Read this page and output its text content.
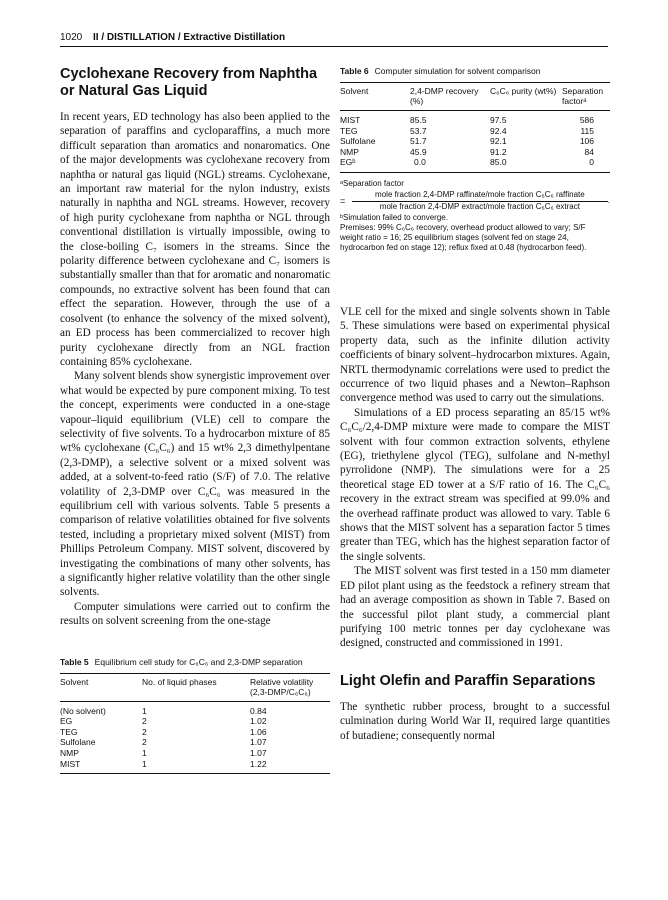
1020 II / DISTILLATION / Extractive Distillation
Cyclohexane Recovery from Naphtha or Natural Gas Liquid

In recent years, ED technology has also been applied to the separation of paraffins and cycloparaffins, a much more difficult separation than aromatics and nonaromatics. One of the major developments was cyclohexane recovery from naphtha or natural gas liquid (NGL) streams. Cyclohexane, an important raw material for the nylon industry, exists naturally in naphtha and NGL streams. However, recovery of high purity cyclohexane from naphtha or NGL through conventional distillation is virtually impossible, owing to the close-boiling C₇ isomers in the streams. Since the polarity difference between cyclohexane and C₇ isomers is substantially smaller than that for aromatic and nonaromatic compounds, no extractive solvent has been found that can effect the separation. However, through the use of a cosolvent (to enhance the solvency of the mixed solvent), an ED process has been commercialized to recover high purity cyclohexane directly from an NGL fraction containing 85% cyclohexane.

Many solvent blends show synergistic improvement over what would be expected by pure component mixing. To test the concept, experiments were conducted in a one-stage vapour–liquid equilibrium (VLE) cell to compare the selectivity of five solvents. To a hydrocarbon mixture of 85 wt% cyclohexane (C₆C₆) and 15 wt% 2,3 dimethylpentane (2,3-DMP), a selective solvent or a mixed solvent was added, at a solvent-to-feed ratio (S/F) of 7.0. The relative volatility of 2,3-DMP over C₆C₆ was measured in the equilibrium cell with various solvents. Table 5 presents a comparison of relative volatilities obtained for five solvents tested, including a proprietary mixed solvent (MIST) from Phillips Petroleum Company. MIST solvent, discovered by investigating the combinations of many other solvents, has a significantly higher relative volatility than the other single solvents.

Computer simulations were carried out to confirm the results on solvent screening from the one-stage

Table 5 Equilibrium cell study for C₆C₆ and 2,3-DMP separation
Solvent	No. of liquid phases	Relative volatility (2,3-DMP/C₆C₆)
(No solvent)	1	0.84
EG	2	1.02
TEG	2	1.06
Sulfolane	2	1.07
NMP	1	1.07
MIST	1	1.22
Table 6 Computer simulation for solvent comparison
Solvent	2,4-DMP recovery (%)	C₆C₆ purity (wt%)	Separation factorᵃ
MIST	85.5	97.5	586
TEG	53.7	92.4	115
Sulfolane	51.7	92.1	106
NMP	45.9	91.2	84
EGᵇ	0.0	85.0	0

ᵃSeparation factor

=
mole fraction 2,4-DMP raffinate/mole fraction C₆C₆ raffinate
mole fraction 2,4-DMP extract/mole fraction C₆C₆ extract
.

ᵇSimulation failed to converge.

Premises: 99% C₆C₆ recovery, overhead product allowed to vary; S/F weight ratio = 16; 25 equilibrium stages (solvent fed on stage 24, hydrocarbon fed on stage 12); reflux fixed at 0.48 (hydrocarbon feed).

VLE cell for the mixed and single solvents shown in Table 5. These simulations were based on experimental physical property data, such as the infinite dilution activity coefficients of binary solvent–hydrocarbon mixtures. Again, NRTL thermodynamic correlations were used to predict the occurrence of two liquid phases and a Newton–Raphson convergence method was used to carry out the simulations.

Simulations of a ED process separating an 85/15 wt% C₆C₆/2,4-DMP mixture were made to compare the MIST solvent with four common extraction solvents, ethylene (EG), triethylene glycol (TEG), sulfolane and N-methyl pyrrolidone (NMP). The simulations were for a 25 theoretical stage ED tower at a S/F ratio of 16. The C₆C₆ recovery in the extract stream was specified at 99.0% and the overhead raffinate product was allowed to vary. Table 6 shows that the MIST solvent has a separation factor 5 times greater than TEG, which has the highest separation factor of the single solvents.

The MIST solvent was first tested in a 150 mm diameter ED pilot plant using as the feedstock a refinery stream that had an average composition as shown in Table 7. Based on the successful pilot plant study, a commercial plant purifying 100 metric tonnes per day cyclohexane was designed, constructed and commissioned in 1991.

Light Olefin and Paraffin Separations

The synthetic rubber process, brought to a successful culmination during World War II, required large quantities of butadiene; consequently normal
